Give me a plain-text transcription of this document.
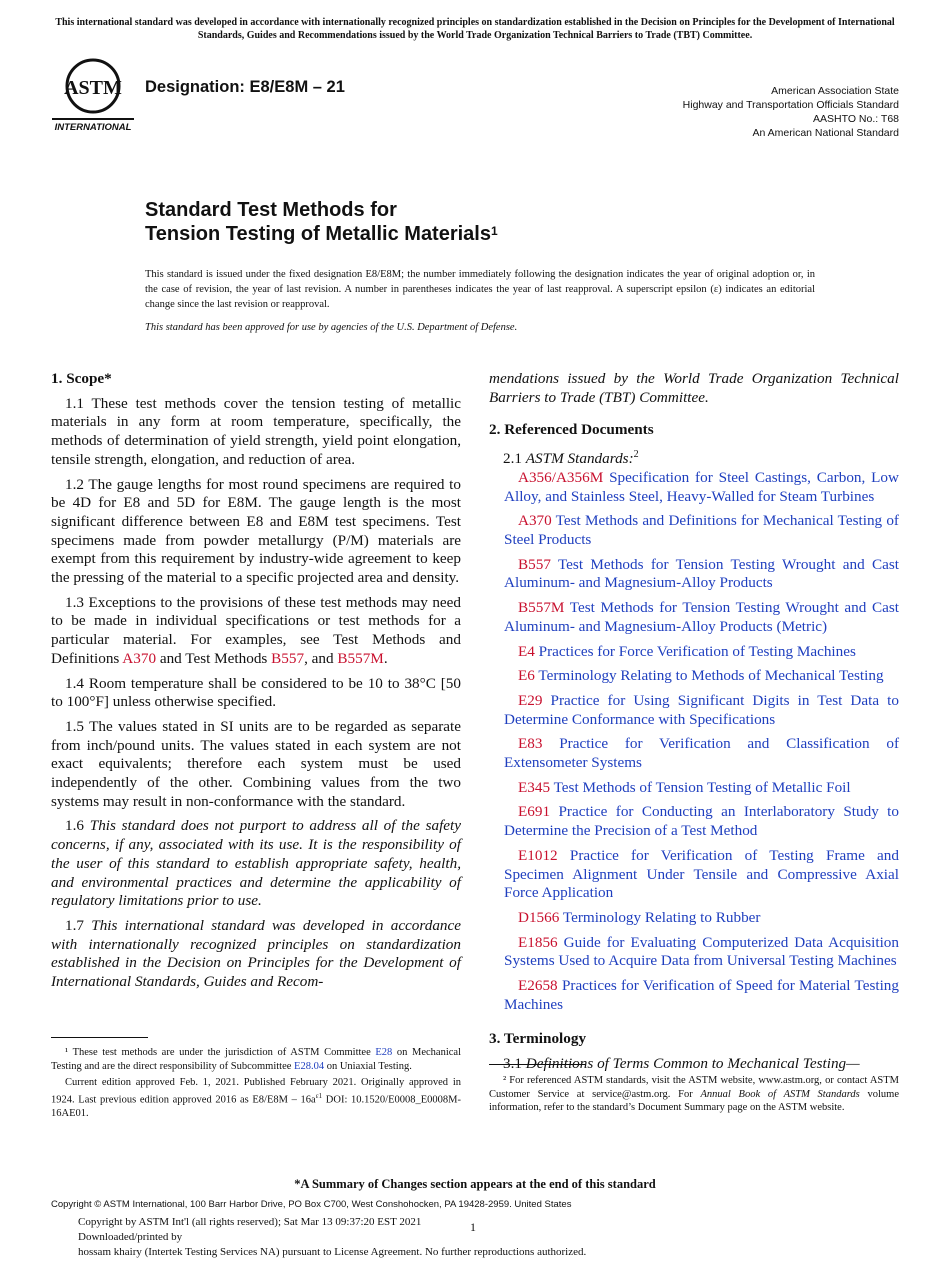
This international standard was developed in accordance with internationally recognized principles on standardization established in the Decision on Principles for the Development of International Standards, Guides and Recommendations issued by the World Trade Organization Technical Barriers to Trade (TBT) Committee.
ASTM
INTERNATIONAL
Designation: E8/E8M – 21	American Association State
Highway and Transportation Officials Standard
AASHTO No.: T68
An American National Standard
Standard Test Methods for
Tension Testing of Metallic Materials$^1$
This standard is issued under the fixed designation E8/E8M; the number immediately following the designation indicates the year of original adoption or, in the case of revision, the year of last revision. A number in parentheses indicates the year of last reapproval. A superscript epsilon (ε) indicates an editorial change since the last revision or reapproval.
This standard has been approved for use by agencies of the U.S. Department of Defense.
1. Scope*

1.1 These test methods cover the tension testing of metallic materials in any form at room temperature, specifically, the methods of determination of yield strength, yield point elongation, tensile strength, elongation, and reduction of area.

1.2 The gauge lengths for most round specimens are required to be 4D for E8 and 5D for E8M. The gauge length is the most significant difference between E8 and E8M test specimens. Test specimens made from powder metallurgy (P/M) materials are exempt from this requirement by industry-wide agreement to keep the pressing of the material to a specific projected area and density.

1.3 Exceptions to the provisions of these test methods may need to be made in individual specifications or test methods for a particular material. For examples, see Test Methods and Definitions A370 and Test Methods B557, and B557M.

1.4 Room temperature shall be considered to be 10 to 38°C [50 to 100°F] unless otherwise specified.

1.5 The values stated in SI units are to be regarded as separate from inch/pound units. The values stated in each system are not exact equivalents; therefore each system must be used independently of the other. Combining values from the two systems may result in non-conformance with the standard.

1.6 This standard does not purport to address all of the safety concerns, if any, associated with its use. It is the responsibility of the user of this standard to establish appropriate safety, health, and environmental practices and determine the applicability of regulatory limitations prior to use.

1.7 This international standard was developed in accordance with internationally recognized principles on standardization established in the Decision on Principles for the Development of International Standards, Guides and Recom-

¹ These test methods are under the jurisdiction of ASTM Committee E28 on Mechanical Testing and are the direct responsibility of Subcommittee E28.04 on Uniaxial Testing.

Current edition approved Feb. 1, 2021. Published February 2021. Originally approved in 1924. Last previous edition approved 2016 as $E8/E8M - 16a^{\varepsilon 1}$ DOI: 10.1520/E0008_E0008M-16AE01.

mendations issued by the World Trade Organization Technical Barriers to Trade (TBT) Committee.

2. Referenced Documents

2.1 ASTM Standards:$^2$

A356/A356M Specification for Steel Castings, Carbon, Low Alloy, and Stainless Steel, Heavy-Walled for Steam Turbines

A370 Test Methods and Definitions for Mechanical Testing of Steel Products

B557 Test Methods for Tension Testing Wrought and Cast Aluminum- and Magnesium-Alloy Products

B557M Test Methods for Tension Testing Wrought and Cast Aluminum- and Magnesium-Alloy Products (Metric)

E4 Practices for Force Verification of Testing Machines

E6 Terminology Relating to Methods of Mechanical Testing

E29 Practice for Using Significant Digits in Test Data to Determine Conformance with Specifications

E83 Practice for Verification and Classification of Extensometer Systems

E345 Test Methods of Tension Testing of Metallic Foil

E691 Practice for Conducting an Interlaboratory Study to Determine the Precision of a Test Method

E1012 Practice for Verification of Testing Frame and Specimen Alignment Under Tensile and Compressive Axial Force Application

D1566 Terminology Relating to Rubber

E1856 Guide for Evaluating Computerized Data Acquisition Systems Used to Acquire Data from Universal Testing Machines

E2658 Practices for Verification of Speed for Material Testing Machines

3. Terminology

3.1 Definitions of Terms Common to Mechanical Testing—

² For referenced ASTM standards, visit the ASTM website, www.astm.org, or contact ASTM Customer Service at service@astm.org. For Annual Book of ASTM Standards volume information, refer to the standard’s Document Summary page on the ASTM website.

*A Summary of Changes section appears at the end of this standard
Copyright © ASTM International, 100 Barr Harbor Drive, PO Box C700, West Conshohocken, PA 19428-2959. United States
Copyright by ASTM Int'l (all rights reserved); Sat Mar 13 09:37:20 EST 2021
Downloaded/printed by
hossam khairy (Intertek Testing Services NA) pursuant to License Agreement. No further reproductions authorized.
1
